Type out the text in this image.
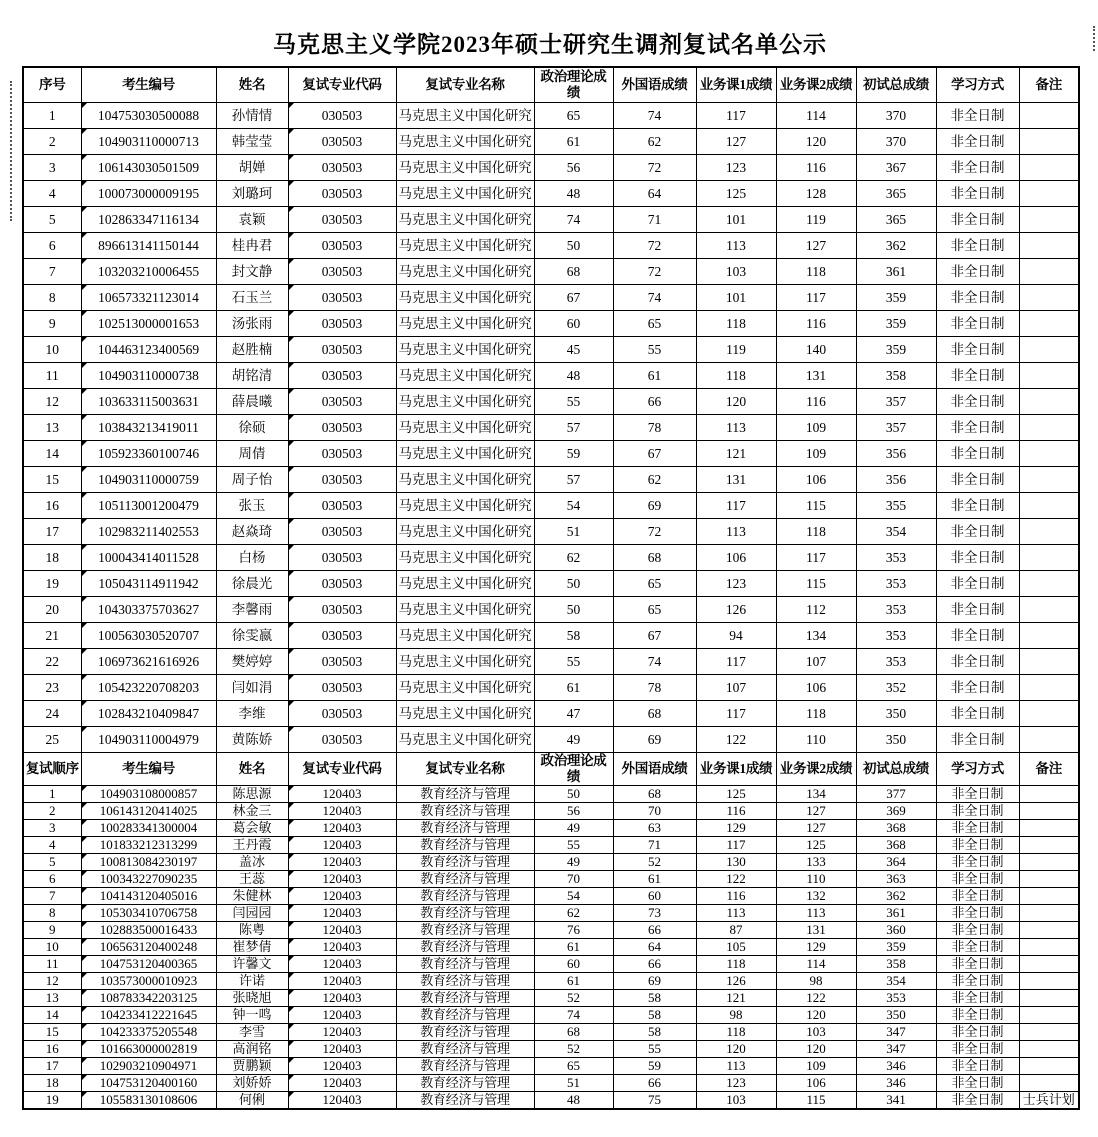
马克思主义学院2023年硕士研究生调剂复试名单公示
序号	考生编号	姓名	复试专业代码	复试专业名称	政治理论成绩	外国语成绩	业务课1成绩	业务课2成绩	初试总成绩	学习方式	备注
1	104753030500088	孙情情	030503	马克思主义中国化研究	65	74	117	114	370	非全日制	
2	104903110000713	韩莹莹	030503	马克思主义中国化研究	61	62	127	120	370	非全日制	
3	106143030501509	胡婵	030503	马克思主义中国化研究	56	72	123	116	367	非全日制	
4	100073000009195	刘璐珂	030503	马克思主义中国化研究	48	64	125	128	365	非全日制	
5	102863347116134	袁颖	030503	马克思主义中国化研究	74	71	101	119	365	非全日制	
6	896613141150144	桂冉君	030503	马克思主义中国化研究	50	72	113	127	362	非全日制	
7	103203210006455	封文静	030503	马克思主义中国化研究	68	72	103	118	361	非全日制	
8	106573321123014	石玉兰	030503	马克思主义中国化研究	67	74	101	117	359	非全日制	
9	102513000001653	汤张雨	030503	马克思主义中国化研究	60	65	118	116	359	非全日制	
10	104463123400569	赵胜楠	030503	马克思主义中国化研究	45	55	119	140	359	非全日制	
11	104903110000738	胡铭清	030503	马克思主义中国化研究	48	61	118	131	358	非全日制	
12	103633115003631	薛晨曦	030503	马克思主义中国化研究	55	66	120	116	357	非全日制	
13	103843213419011	徐硕	030503	马克思主义中国化研究	57	78	113	109	357	非全日制	
14	105923360100746	周倩	030503	马克思主义中国化研究	59	67	121	109	356	非全日制	
15	104903110000759	周子怡	030503	马克思主义中国化研究	57	62	131	106	356	非全日制	
16	105113001200479	张玉	030503	马克思主义中国化研究	54	69	117	115	355	非全日制	
17	102983211402553	赵焱琦	030503	马克思主义中国化研究	51	72	113	118	354	非全日制	
18	100043414011528	白杨	030503	马克思主义中国化研究	62	68	106	117	353	非全日制	
19	105043114911942	徐晨光	030503	马克思主义中国化研究	50	65	123	115	353	非全日制	
20	104303375703627	李馨雨	030503	马克思主义中国化研究	50	65	126	112	353	非全日制	
21	100563030520707	徐雯嬴	030503	马克思主义中国化研究	58	67	94	134	353	非全日制	
22	106973621616926	樊婷婷	030503	马克思主义中国化研究	55	74	117	107	353	非全日制	
23	105423220708203	闫如涓	030503	马克思主义中国化研究	61	78	107	106	352	非全日制	
24	102843210409847	李维	030503	马克思主义中国化研究	47	68	117	118	350	非全日制	
25	104903110004979	黄陈娇	030503	马克思主义中国化研究	49	69	122	110	350	非全日制	
复试顺序	考生编号	姓名	复试专业代码	复试专业名称	政治理论成绩	外国语成绩	业务课1成绩	业务课2成绩	初试总成绩	学习方式	备注
1	104903108000857	陈思源	120403	教育经济与管理	50	68	125	134	377	非全日制	
2	106143120414025	林金三	120403	教育经济与管理	56	70	116	127	369	非全日制	
3	100283341300004	葛会敏	120403	教育经济与管理	49	63	129	127	368	非全日制	
4	101833212313299	王丹霞	120403	教育经济与管理	55	71	117	125	368	非全日制	
5	100813084230197	盖冰	120403	教育经济与管理	49	52	130	133	364	非全日制	
6	100343227090235	王蕊	120403	教育经济与管理	70	61	122	110	363	非全日制	
7	104143120405016	朱健林	120403	教育经济与管理	54	60	116	132	362	非全日制	
8	105303410706758	闫园园	120403	教育经济与管理	62	73	113	113	361	非全日制	
9	102883500016433	陈粤	120403	教育经济与管理	76	66	87	131	360	非全日制	
10	106563120400248	崔梦倩	120403	教育经济与管理	61	64	105	129	359	非全日制	
11	104753120400365	许馨文	120403	教育经济与管理	60	66	118	114	358	非全日制	
12	103573000010923	许诺	120403	教育经济与管理	61	69	126	98	354	非全日制	
13	108783342203125	张晓旭	120403	教育经济与管理	52	58	121	122	353	非全日制	
14	104233412221645	钟一鸣	120403	教育经济与管理	74	58	98	120	350	非全日制	
15	104233375205548	李雪	120403	教育经济与管理	68	58	118	103	347	非全日制	
16	101663000002819	高润铭	120403	教育经济与管理	52	55	120	120	347	非全日制	
17	102903210904971	贾鹏颖	120403	教育经济与管理	65	59	113	109	346	非全日制	
18	104753120400160	刘娇娇	120403	教育经济与管理	51	66	123	106	346	非全日制	
19	105583130108606	何俐	120403	教育经济与管理	48	75	103	115	341	非全日制	士兵计划
